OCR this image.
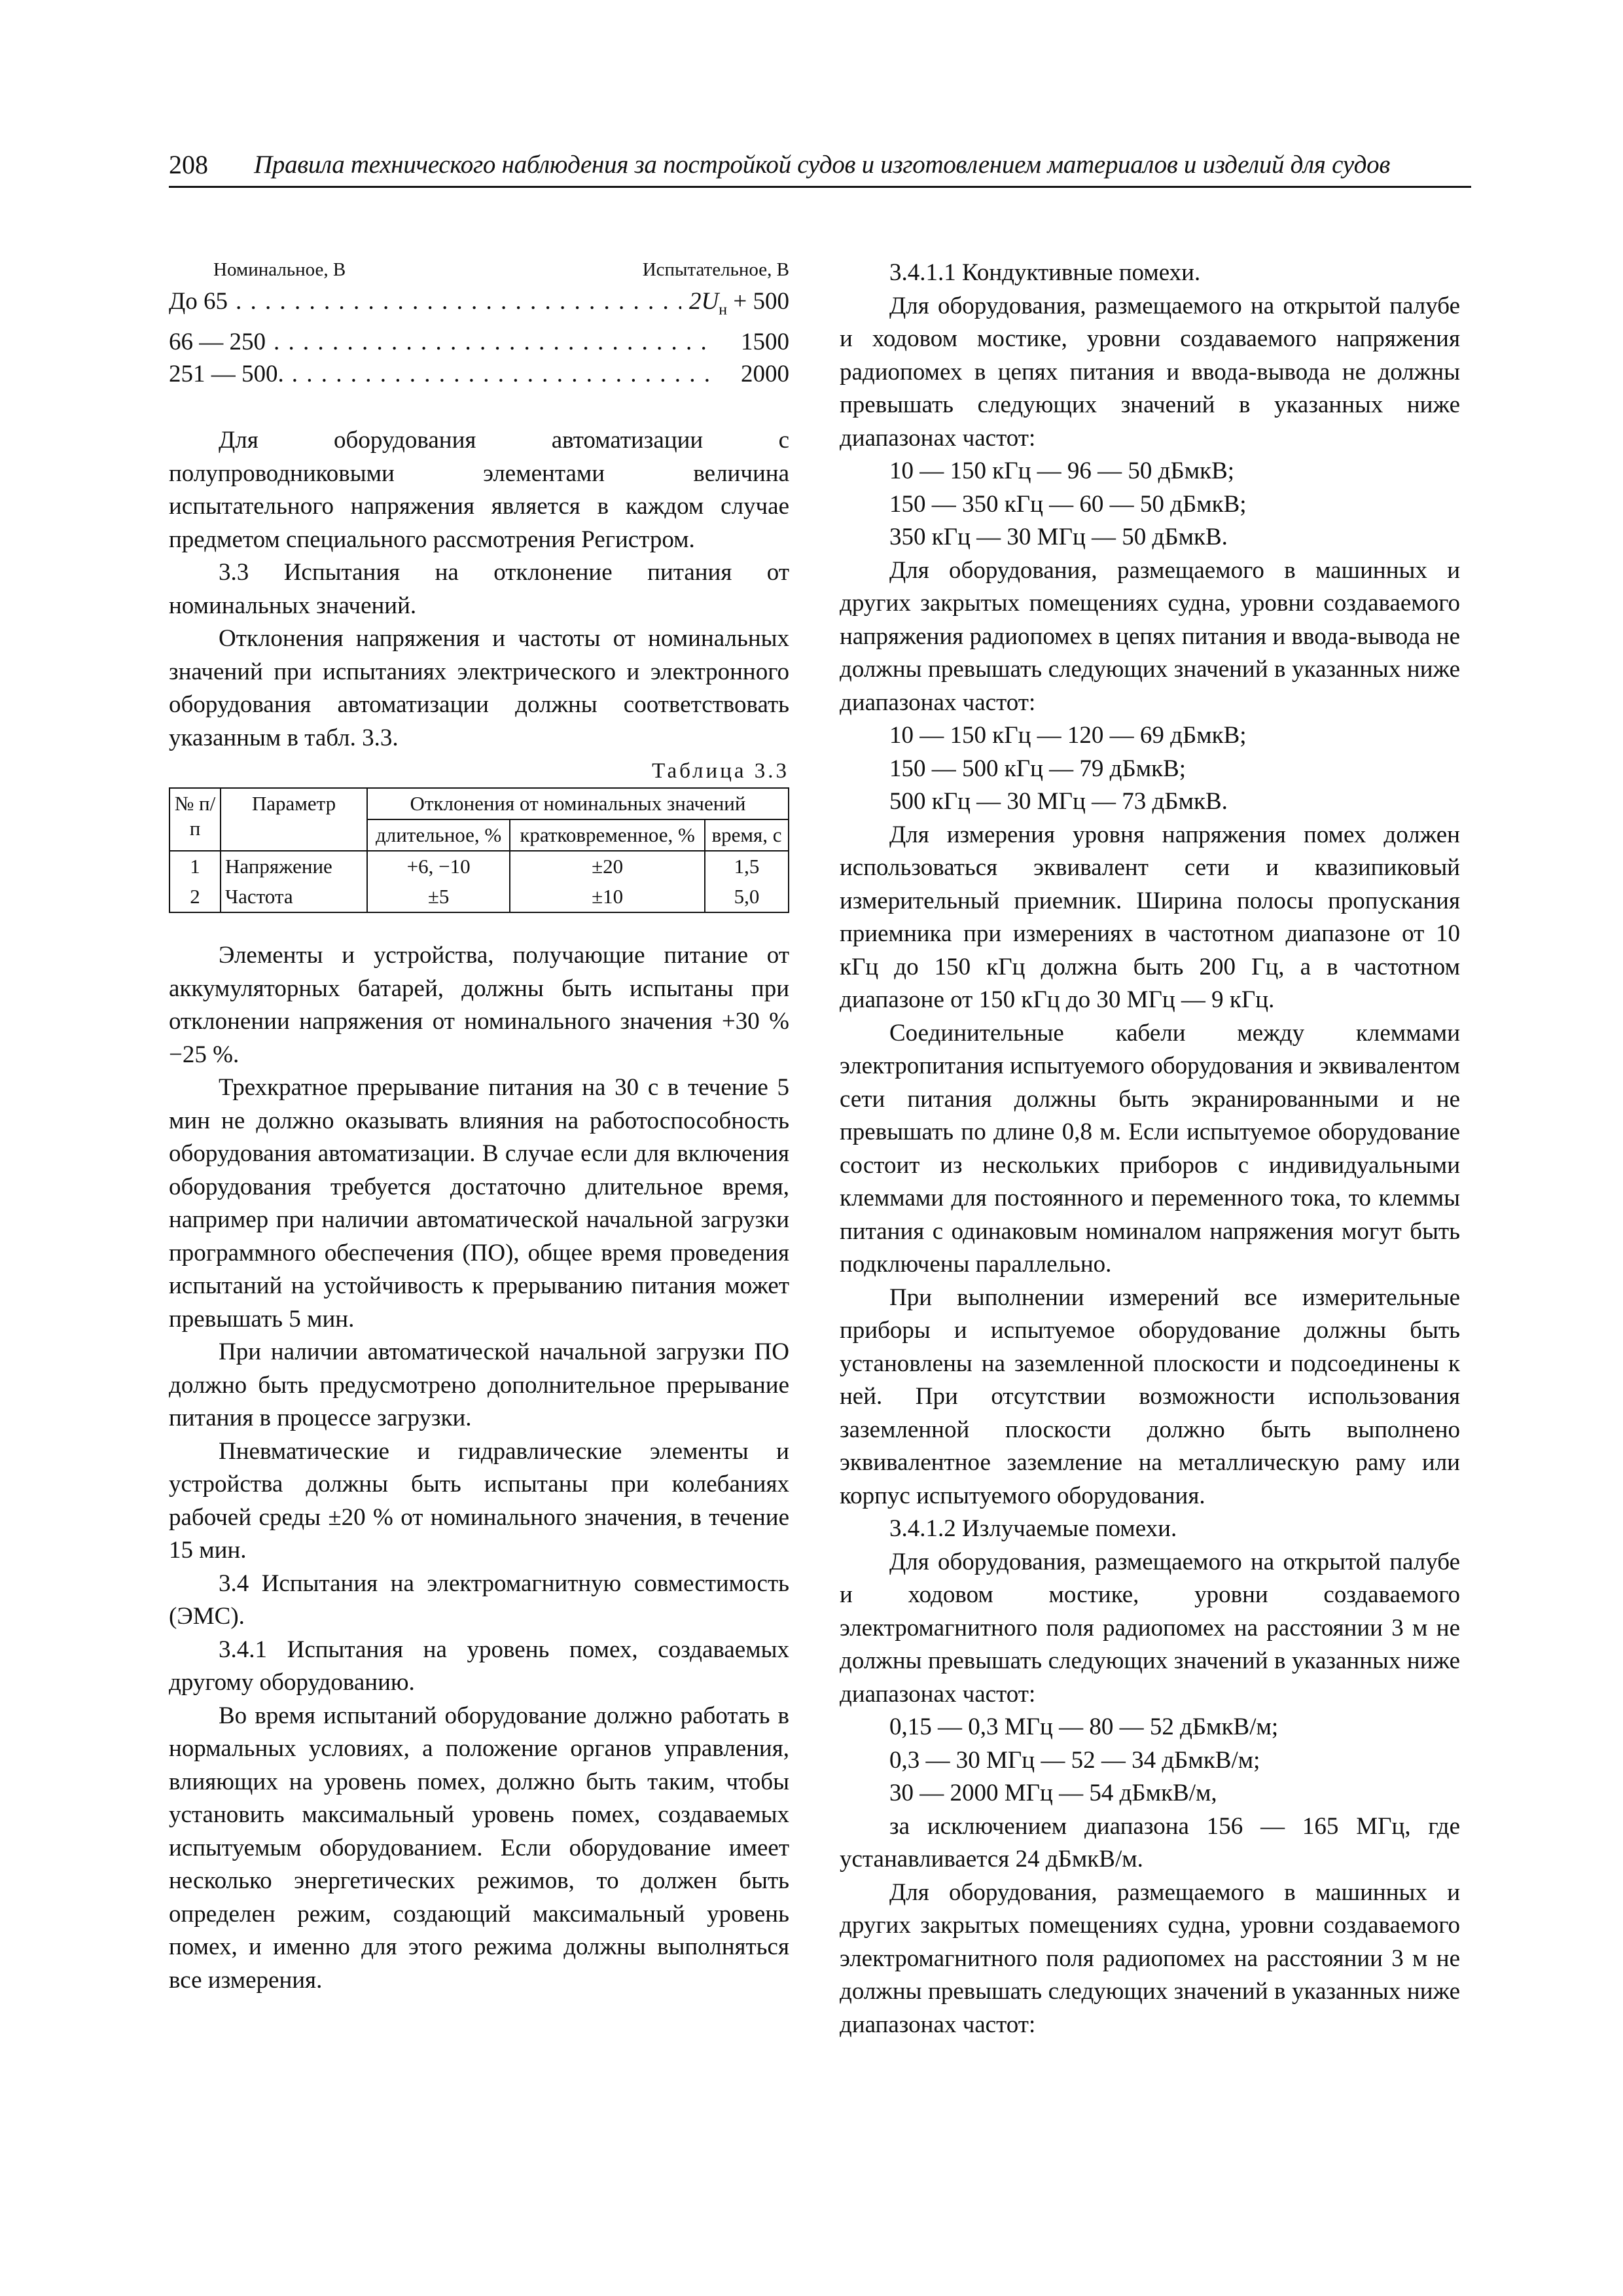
208 Правила технического наблюдения за постройкой судов и изготовлением материалов и изделий для судов
Номинальное, В	Испытательное, В
До 65 . . .	$2U_н + 500$
66 — 250 . . .	1500
251 — 500. . . .	2000

Для оборудования автоматизации с полупроводниковыми элементами величина испытательного напряжения является в каждом случае предметом специального рассмотрения Регистром.

3.3 Испытания на отклонение питания от номинальных значений.

Отклонения напряжения и частоты от номинальных значений при испытаниях электрического и электронного оборудования автоматизации должны соответствовать указанным в табл. 3.3.

Таблица 3.3
№ п/п	Параметр	Отклонения от номинальных значений		
		длительное, %	кратковременное, %	время, с
1	Напряжение	+6, −10	±20	1,5
2	Частота	±5	±10	5,0

Элементы и устройства, получающие питание от аккумуляторных батарей, должны быть испытаны при отклонении напряжения от номинального значения +30 % −25 %.

Трехкратное прерывание питания на 30 с в течение 5 мин не должно оказывать влияния на работоспособность оборудования автоматизации. В случае если для включения оборудования требуется достаточно длительное время, например при наличии автоматической начальной загрузки программного обеспечения (ПО), общее время проведения испытаний на устойчивость к прерыванию питания может превышать 5 мин.

При наличии автоматической начальной загрузки ПО должно быть предусмотрено дополнительное прерывание питания в процессе загрузки.

Пневматические и гидравлические элементы и устройства должны быть испытаны при колебаниях рабочей среды ±20 % от номинального значения, в течение 15 мин.

3.4 Испытания на электромагнитную совместимость (ЭМС).

3.4.1 Испытания на уровень помех, создаваемых другому оборудованию.

Во время испытаний оборудование должно работать в нормальных условиях, а положение органов управления, влияющих на уровень помех, должно быть таким, чтобы установить максимальный уровень помех, создаваемых испытуемым оборудованием. Если оборудование имеет несколько энергетических режимов, то должен быть определен режим, создающий максимальный уровень помех, и именно для этого режима должны выполняться все измерения.

3.4.1.1 Кондуктивные помехи.

Для оборудования, размещаемого на открытой палубе и ходовом мостике, уровни создаваемого напряжения радиопомех в цепях питания и ввода-вывода не должны превышать следующих значений в указанных ниже диапазонах частот:

10 — 150 кГц — 96 — 50 дБмкВ;

150 — 350 кГц — 60 — 50 дБмкВ;

350 кГц — 30 МГц — 50 дБмкВ.

Для оборудования, размещаемого в машинных и других закрытых помещениях судна, уровни создаваемого напряжения радиопомех в цепях питания и ввода-вывода не должны превышать следующих значений в указанных ниже диапазонах частот:

10 — 150 кГц — 120 — 69 дБмкВ;

150 — 500 кГц — 79 дБмкВ;

500 кГц — 30 МГц — 73 дБмкВ.

Для измерения уровня напряжения помех должен использоваться эквивалент сети и квазипиковый измерительный приемник. Ширина полосы пропускания приемника при измерениях в частотном диапазоне от 10 кГц до 150 кГц должна быть 200 Гц, а в частотном диапазоне от 150 кГц до 30 МГц — 9 кГц.

Соединительные кабели между клеммами электропитания испытуемого оборудования и эквивалентом сети питания должны быть экранированными и не превышать по длине 0,8 м. Если испытуемое оборудование состоит из нескольких приборов с индивидуальными клеммами для постоянного и переменного тока, то клеммы питания с одинаковым номиналом напряжения могут быть подключены параллельно.

При выполнении измерений все измерительные приборы и испытуемое оборудование должны быть установлены на заземленной плоскости и подсоединены к ней. При отсутствии возможности использования заземленной плоскости должно быть выполнено эквивалентное заземление на металлическую раму или корпус испытуемого оборудования.

3.4.1.2 Излучаемые помехи.

Для оборудования, размещаемого на открытой палубе и ходовом мостике, уровни создаваемого электромагнитного поля радиопомех на расстоянии 3 м не должны превышать следующих значений в указанных ниже диапазонах частот:

0,15 — 0,3 МГц — 80 — 52 дБмкВ/м;

0,3 — 30 МГц — 52 — 34 дБмкВ/м;

30 — 2000 МГц — 54 дБмкВ/м,

за исключением диапазона 156 — 165 МГц, где устанавливается 24 дБмкВ/м.

Для оборудования, размещаемого в машинных и других закрытых помещениях судна, уровни создаваемого электромагнитного поля радиопомех на расстоянии 3 м не должны превышать следующих значений в указанных ниже диапазонах частот:
